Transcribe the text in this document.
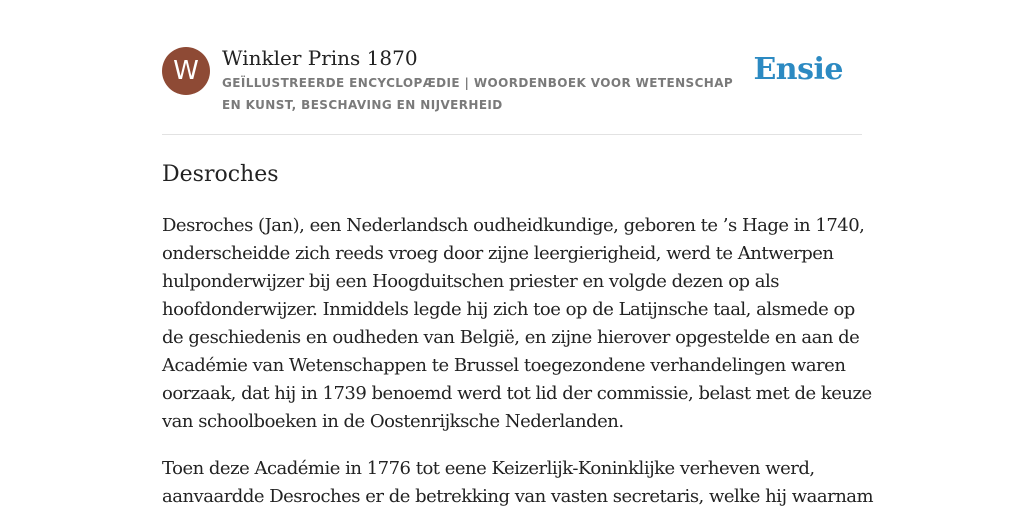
W	Winkler Prins 1870
GEÏLLUSTREERDE ENCYCLOPÆDIE | WOORDENBOEK VOOR WETENSCHAP EN KUNST, BESCHAVING EN NIJVERHEID
Ensie
Desroches

Desroches (Jan), een Nederlandsch oudheidkundige, geboren te ’s Hage in 1740,
onderscheidde zich reeds vroeg door zijne leergierigheid, werd te Antwerpen
hulponderwijzer bij een Hoogduitschen priester en volgde dezen op als
hoofdonderwijzer. Inmiddels legde hij zich toe op de Latijnsche taal, alsmede op
de geschiedenis en oudheden van België, en zijne hierover opgestelde en aan de
Académie van Wetenschappen te Brussel toegezondene verhandelingen waren
oorzaak, dat hij in 1739 benoemd werd tot lid der commissie, belast met de keuze
van schoolboeken in de Oostenrijksche Nederlanden.

Toen deze Académie in 1776 tot eene Keizerlijk-Koninklijke verheven werd,
aanvaardde Desroches er de betrekking van vasten secretaris, welke hij waarnam
